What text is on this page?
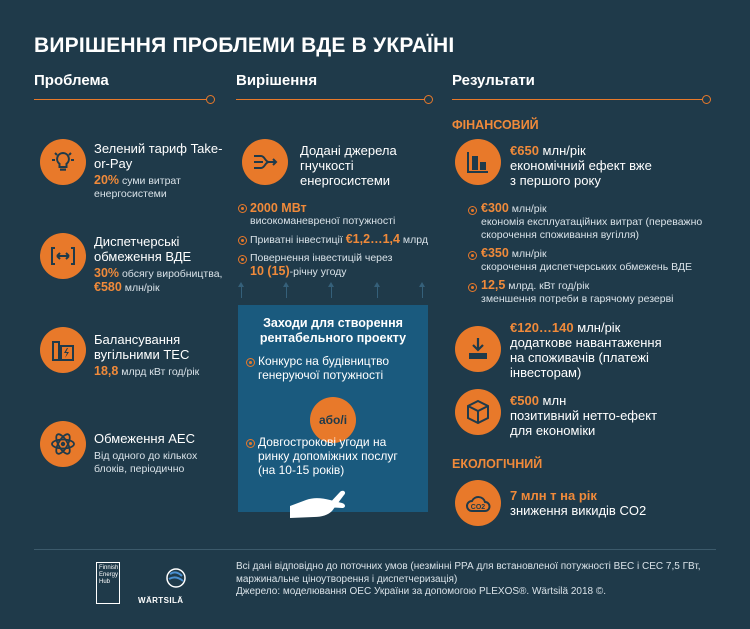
ВИРІШЕННЯ ПРОБЛЕМИ ВДЕ В УКРАЇНІ
Проблема	Вирішення	Результати
Зелений тариф Take-or-Pay
20% суми витрат енергосистеми
Диспетчерські обмеження ВДЕ
30% обсягу виробництва,
€580 млн/рік
Балансування вугільними ТЕС
18,8 млрд кВт год/рік
Обмеження АЕС
Від одного до кількох блоків, періодично
Додані джерела гнучкості енергосистеми
2000 МВт
високоманевреної потужності
Приватні інвестиції €1,2…1,4 млрд
Повернення інвестицій через 10 (15)-річну угоду
Заходи для створення рентабельного проекту
Конкурс на будівництво генеруючої потужності
або/і
Довгострокові угоди на ринку допоміжних послуг (на 10-15 років)
ФІНАНСОВИЙ
€650 млн/рік
економічний ефект вже з першого року
€300 млн/рік
економія експлуатаційних витрат (переважно скорочення споживання вугілля)
€350 млн/рік
скорочення диспетчерських обмежень ВДЕ
12,5 млрд. кВт год/рік
зменшення потреби в гарячому резерві
€120…140 млн/рік
додаткове навантаження на споживачів (платежі інвесторам)
€500 млн
позитивний нетто-ефект для економіки
ЕКОЛОГІЧНИЙ
CO2
7 млн т на рік
зниження викидів CO2
Finnish Energy Hub
WÄRTSILÄ
Всі дані відповідно до поточних умов (незмінні РРА для встановленої потужності ВЕС і СЕС 7,5 ГВт, маржинальне ціноутворення і диспетчеризація)
Джерело: моделювання ОЕС України за допомогою PLEXOS®. Wärtsilä 2018 ©.
